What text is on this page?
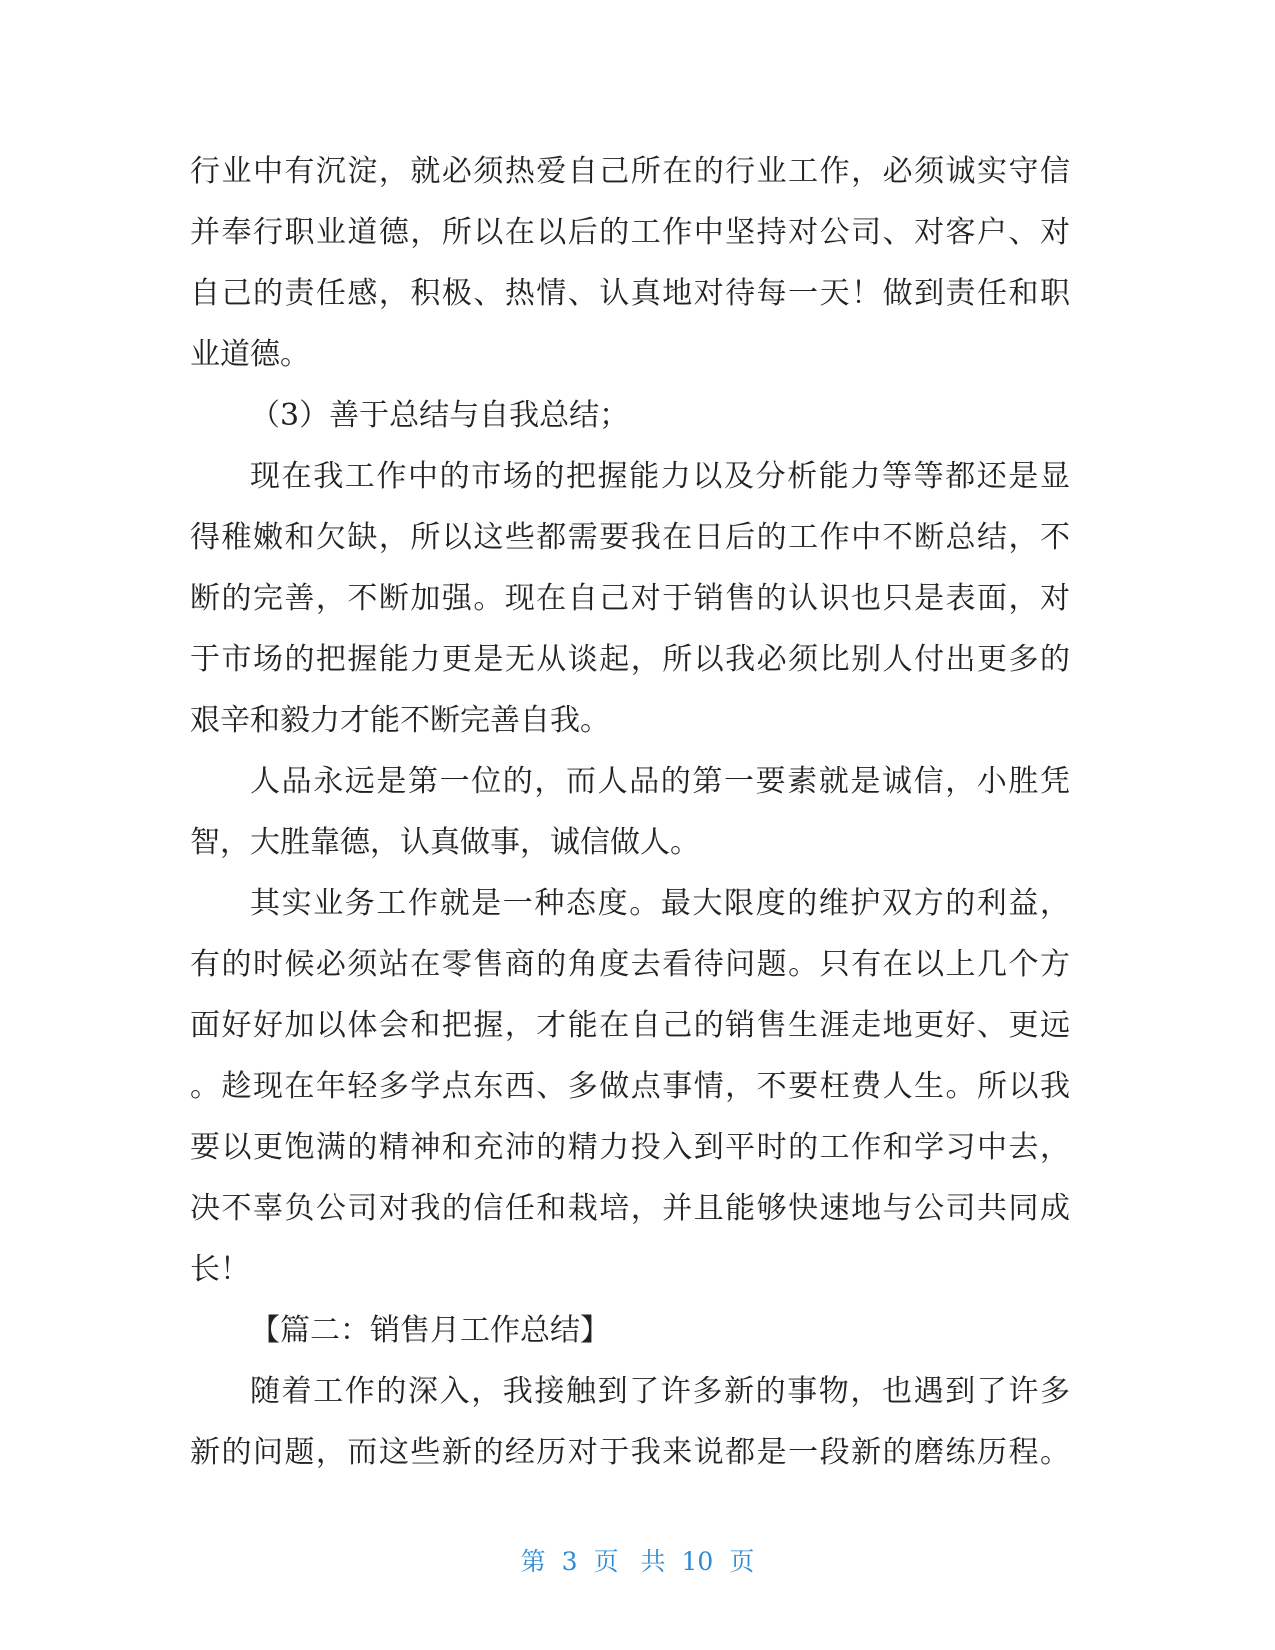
行业中有沉淀，就必须热爱自己所在的行业工作，必须诚实守信
并奉行职业道德，所以在以后的工作中坚持对公司、对客户、对
自己的责任感，积极、热情、认真地对待每一天！做到责任和职
业道德。
（3）善于总结与自我总结；
现在我工作中的市场的把握能力以及分析能力等等都还是显
得稚嫩和欠缺，所以这些都需要我在日后的工作中不断总结，不
断的完善，不断加强。现在自己对于销售的认识也只是表面，对
于市场的把握能力更是无从谈起，所以我必须比别人付出更多的
艰辛和毅力才能不断完善自我。
人品永远是第一位的，而人品的第一要素就是诚信，小胜凭
智，大胜靠德，认真做事，诚信做人。
其实业务工作就是一种态度。最大限度的维护双方的利益，
有的时候必须站在零售商的角度去看待问题。只有在以上几个方
面好好加以体会和把握，才能在自己的销售生涯走地更好、更远
。趁现在年轻多学点东西、多做点事情，不要枉费人生。所以我
要以更饱满的精神和充沛的精力投入到平时的工作和学习中去，
决不辜负公司对我的信任和栽培，并且能够快速地与公司共同成
长！
【篇二：销售月工作总结】
随着工作的深入，我接触到了许多新的事物，也遇到了许多
新的问题，而这些新的经历对于我来说都是一段新的磨练历程。
第 3 页 共 10 页
